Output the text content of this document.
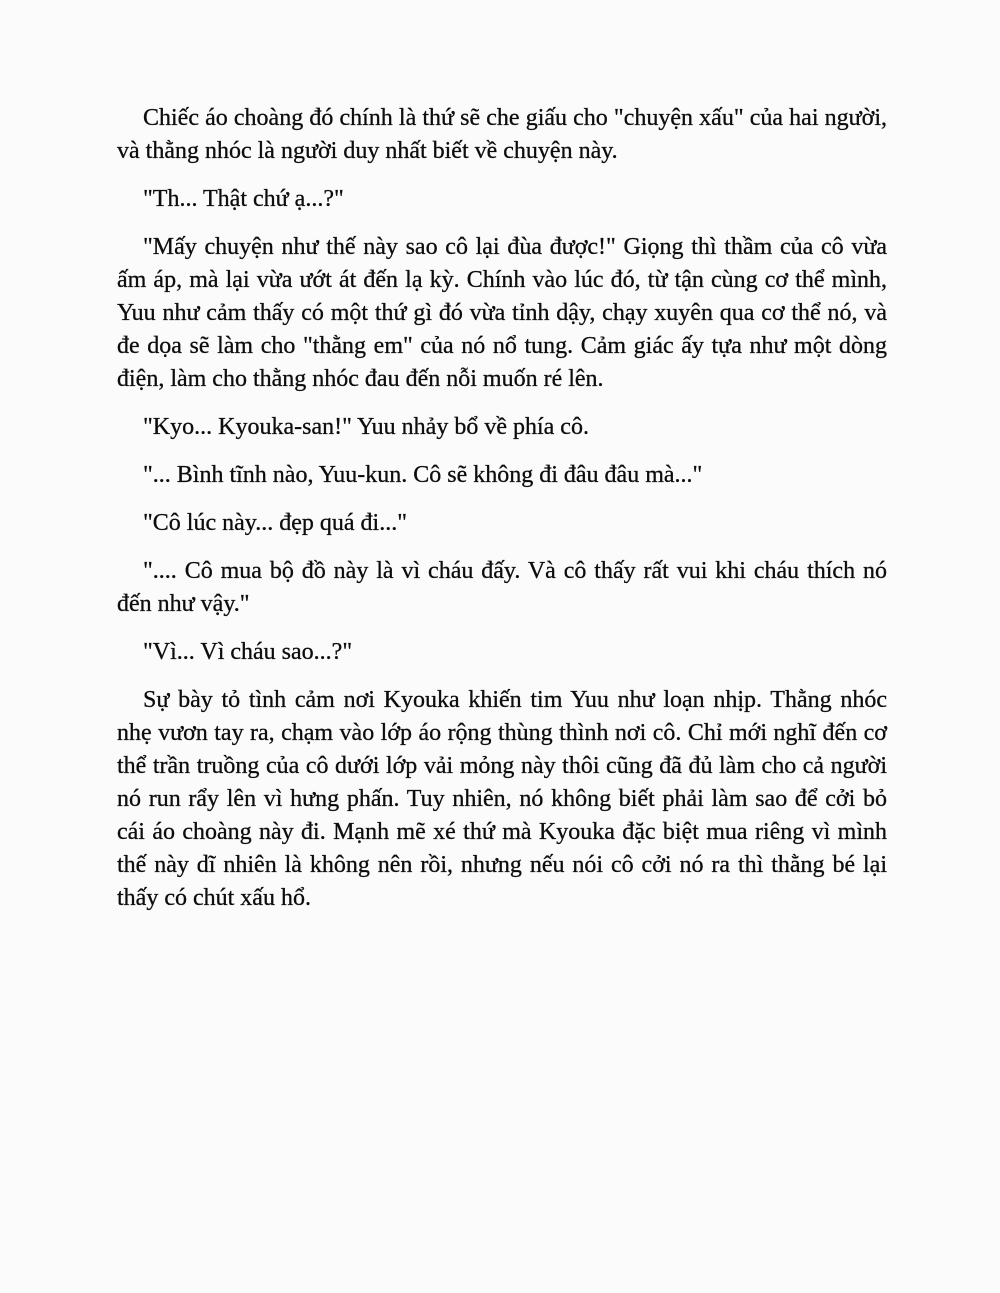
Chiếc áo choàng đó chính là thứ sẽ che giấu cho "chuyện xấu" của hai người, và thằng nhóc là người duy nhất biết về chuyện này.

"Th... Thật chứ ạ...?"

"Mấy chuyện như thế này sao cô lại đùa được!" Giọng thì thầm của cô vừa ấm áp, mà lại vừa ướt át đến lạ kỳ. Chính vào lúc đó, từ tận cùng cơ thể mình, Yuu như cảm thấy có một thứ gì đó vừa tỉnh dậy, chạy xuyên qua cơ thể nó, và đe dọa sẽ làm cho "thằng em" của nó nổ tung. Cảm giác ấy tựa như một dòng điện, làm cho thằng nhóc đau đến nỗi muốn ré lên.

"Kyo... Kyouka-san!" Yuu nhảy bổ về phía cô.

"... Bình tĩnh nào, Yuu-kun. Cô sẽ không đi đâu đâu mà..."

"Cô lúc này... đẹp quá đi..."

".... Cô mua bộ đồ này là vì cháu đấy. Và cô thấy rất vui khi cháu thích nó đến như vậy."

"Vì... Vì cháu sao...?"

Sự bày tỏ tình cảm nơi Kyouka khiến tim Yuu như loạn nhịp. Thằng nhóc nhẹ vươn tay ra, chạm vào lớp áo rộng thùng thình nơi cô. Chỉ mới nghĩ đến cơ thể trần truồng của cô dưới lớp vải mỏng này thôi cũng đã đủ làm cho cả người nó run rẩy lên vì hưng phấn. Tuy nhiên, nó không biết phải làm sao để cởi bỏ cái áo choàng này đi. Mạnh mẽ xé thứ mà Kyouka đặc biệt mua riêng vì mình thế này dĩ nhiên là không nên rồi, nhưng nếu nói cô cởi nó ra thì thằng bé lại thấy có chút xấu hổ.
